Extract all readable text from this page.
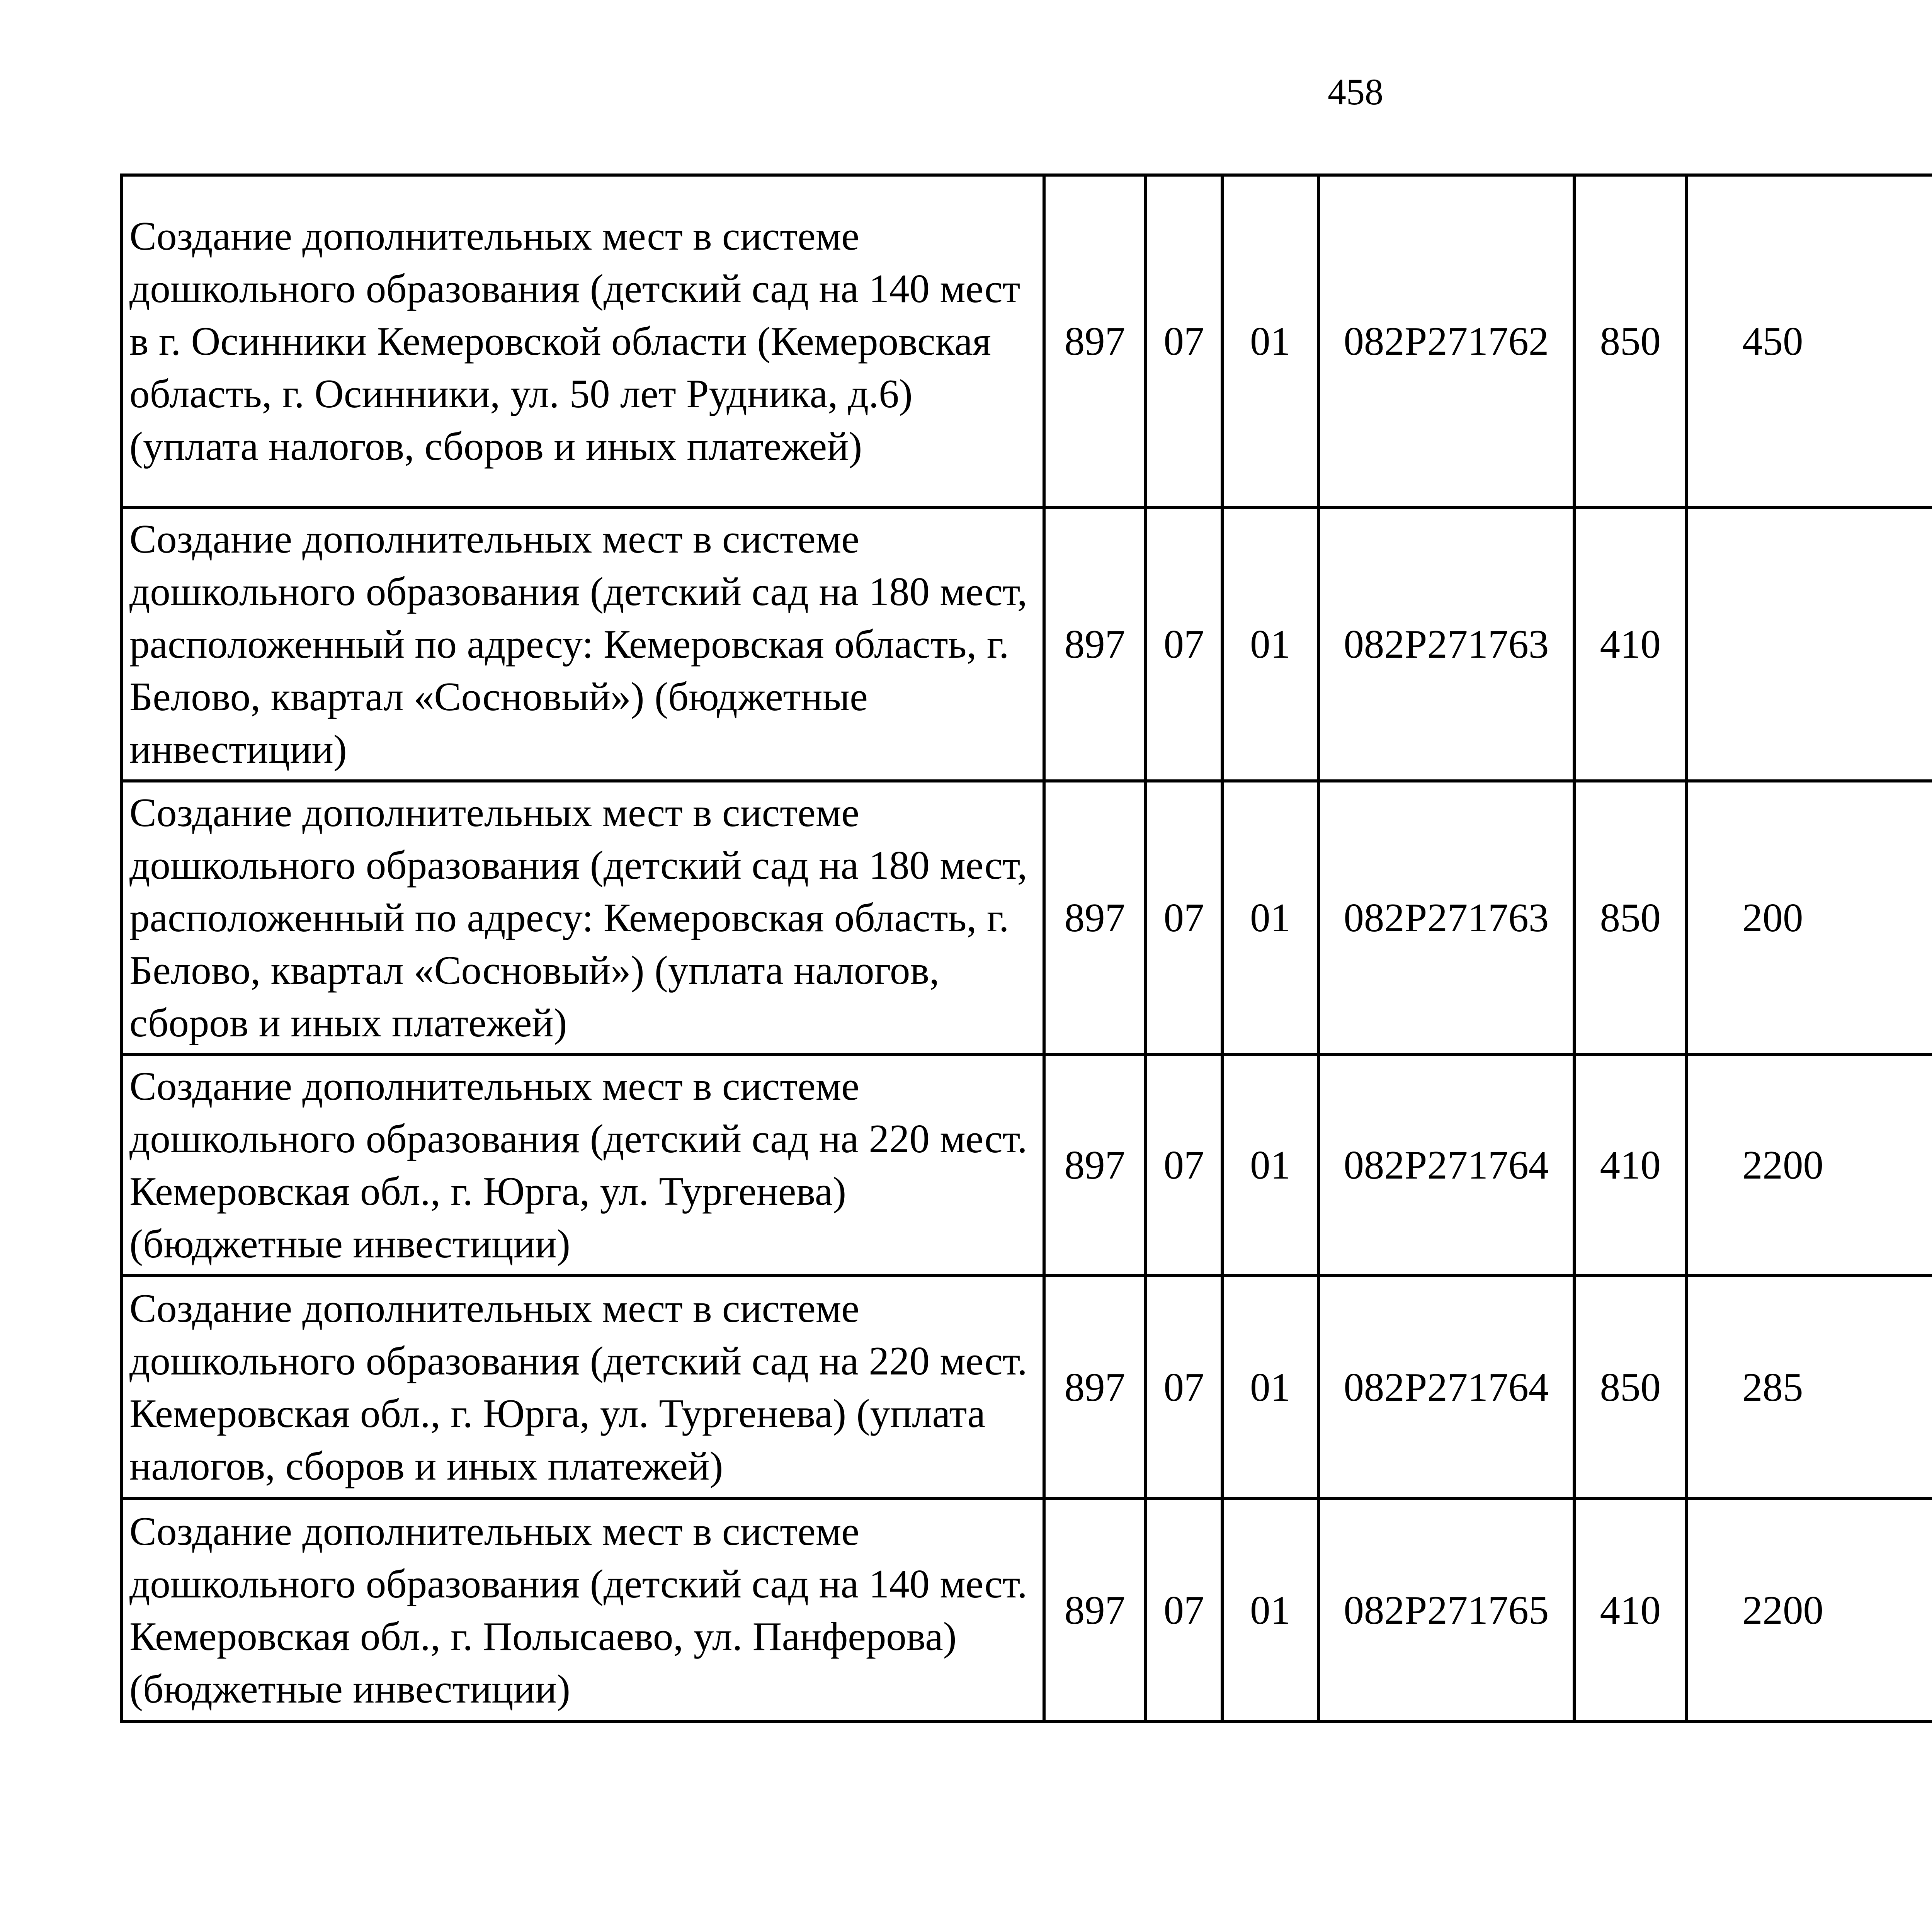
458
Создание дополнительных мест в системе дошкольного образования (детский сад на 140 мест в г. Осинники Кемеровской области (Кемеровская область, г. Осинники, ул. 50 лет Рудника, д.6) (уплата налогов, сборов и иных платежей)	897	07	01	082P271762	850	450		
Создание дополнительных мест в системе дошкольного образования (детский сад на 180 мест, расположенный по адресу: Кемеровская область, г. Белово, квартал «Сосновый») (бюджетные инвестиции)	897	07	01	082P271763	410			
Создание дополнительных мест в системе дошкольного образования (детский сад на 180 мест, расположенный по адресу: Кемеровская область, г. Белово, квартал «Сосновый») (уплата налогов, сборов и иных платежей)	897	07	01	082P271763	850	200		
Создание дополнительных мест в системе дошкольного образования (детский сад на 220 мест. Кемеровская обл., г. Юрга, ул. Тургенева) (бюджетные инвестиции)	897	07	01	082P271764	410	2200		
Создание дополнительных мест в системе дошкольного образования (детский сад на 220 мест. Кемеровская обл., г. Юрга, ул. Тургенева) (уплата налогов, сборов и иных платежей)	897	07	01	082P271764	850	285		
Создание дополнительных мест в системе дошкольного образования (детский сад на 140 мест. Кемеровская обл., г. Полысаево, ул. Панферова) (бюджетные инвестиции)	897	07	01	082P271765	410	2200		
